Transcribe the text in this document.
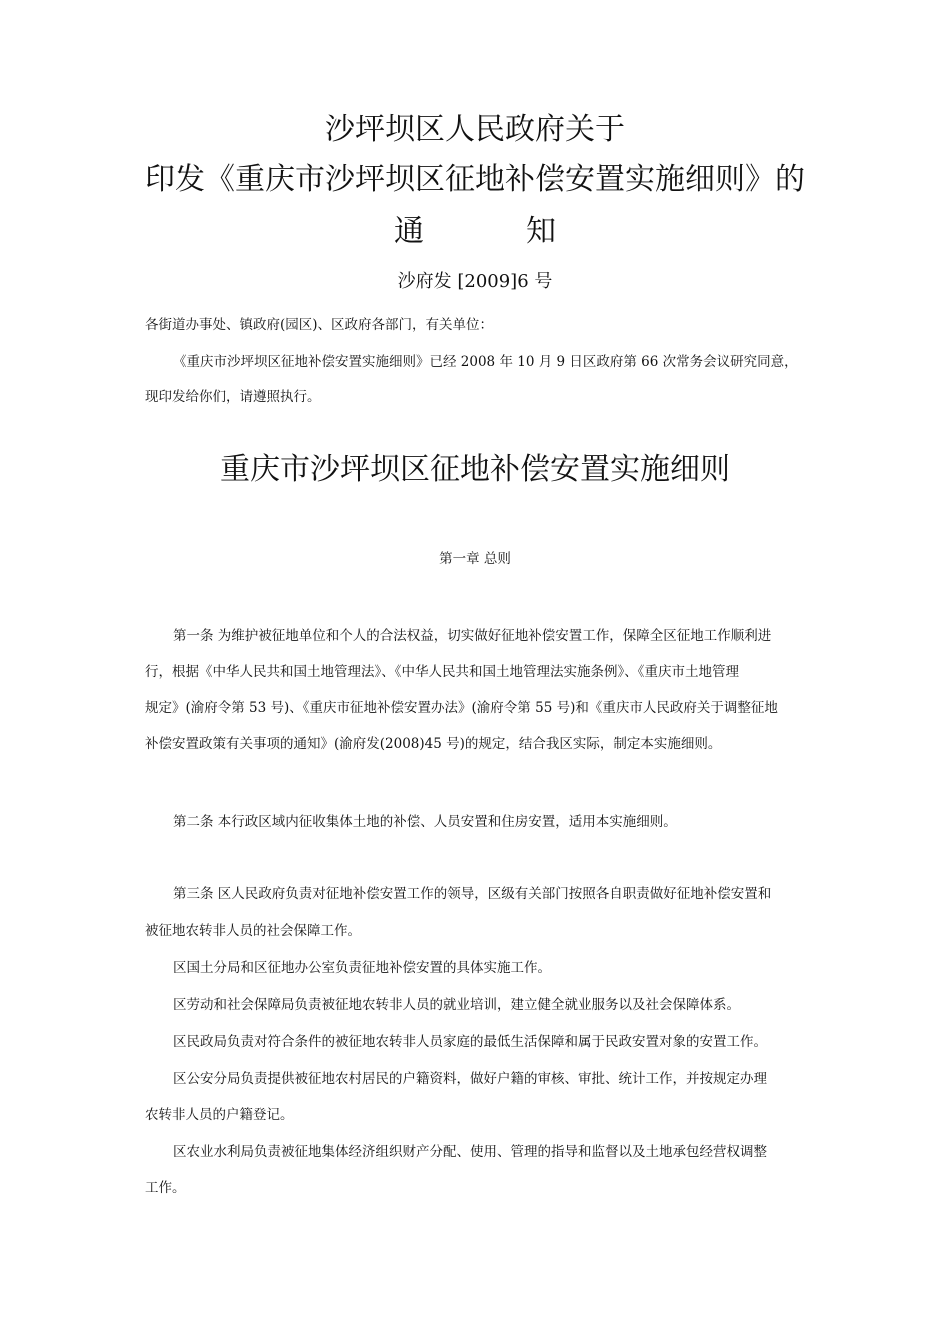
沙坪坝区人民政府关于
印发《重庆市沙坪坝区征地补偿安置实施细则》的
通	知
沙府发 [2009]6 号
各街道办事处、镇政府(园区)、区政府各部门，有关单位：
《重庆市沙坪坝区征地补偿安置实施细则》已经 2008 年 10 月 9 日区政府第 66 次常务会议研究同意，
现印发给你们，请遵照执行。
重庆市沙坪坝区征地补偿安置实施细则
第一章 总则
第一条 为维护被征地单位和个人的合法权益，切实做好征地补偿安置工作，保障全区征地工作顺利进
行，根据《中华人民共和国土地管理法》、《中华人民共和国土地管理法实施条例》、《重庆市土地管理
规定》(渝府令第 53 号)、《重庆市征地补偿安置办法》(渝府令第 55 号)和《重庆市人民政府关于调整征地
补偿安置政策有关事项的通知》(渝府发(2008)45 号)的规定，结合我区实际，制定本实施细则。
第二条 本行政区域内征收集体土地的补偿、人员安置和住房安置，适用本实施细则。
第三条 区人民政府负责对征地补偿安置工作的领导，区级有关部门按照各自职责做好征地补偿安置和
被征地农转非人员的社会保障工作。
区国土分局和区征地办公室负责征地补偿安置的具体实施工作。
区劳动和社会保障局负责被征地农转非人员的就业培训，建立健全就业服务以及社会保障体系。
区民政局负责对符合条件的被征地农转非人员家庭的最低生活保障和属于民政安置对象的安置工作。
区公安分局负责提供被征地农村居民的户籍资料，做好户籍的审核、审批、统计工作，并按规定办理
农转非人员的户籍登记。
区农业水利局负责被征地集体经济组织财产分配、使用、管理的指导和监督以及土地承包经营权调整
工作。
